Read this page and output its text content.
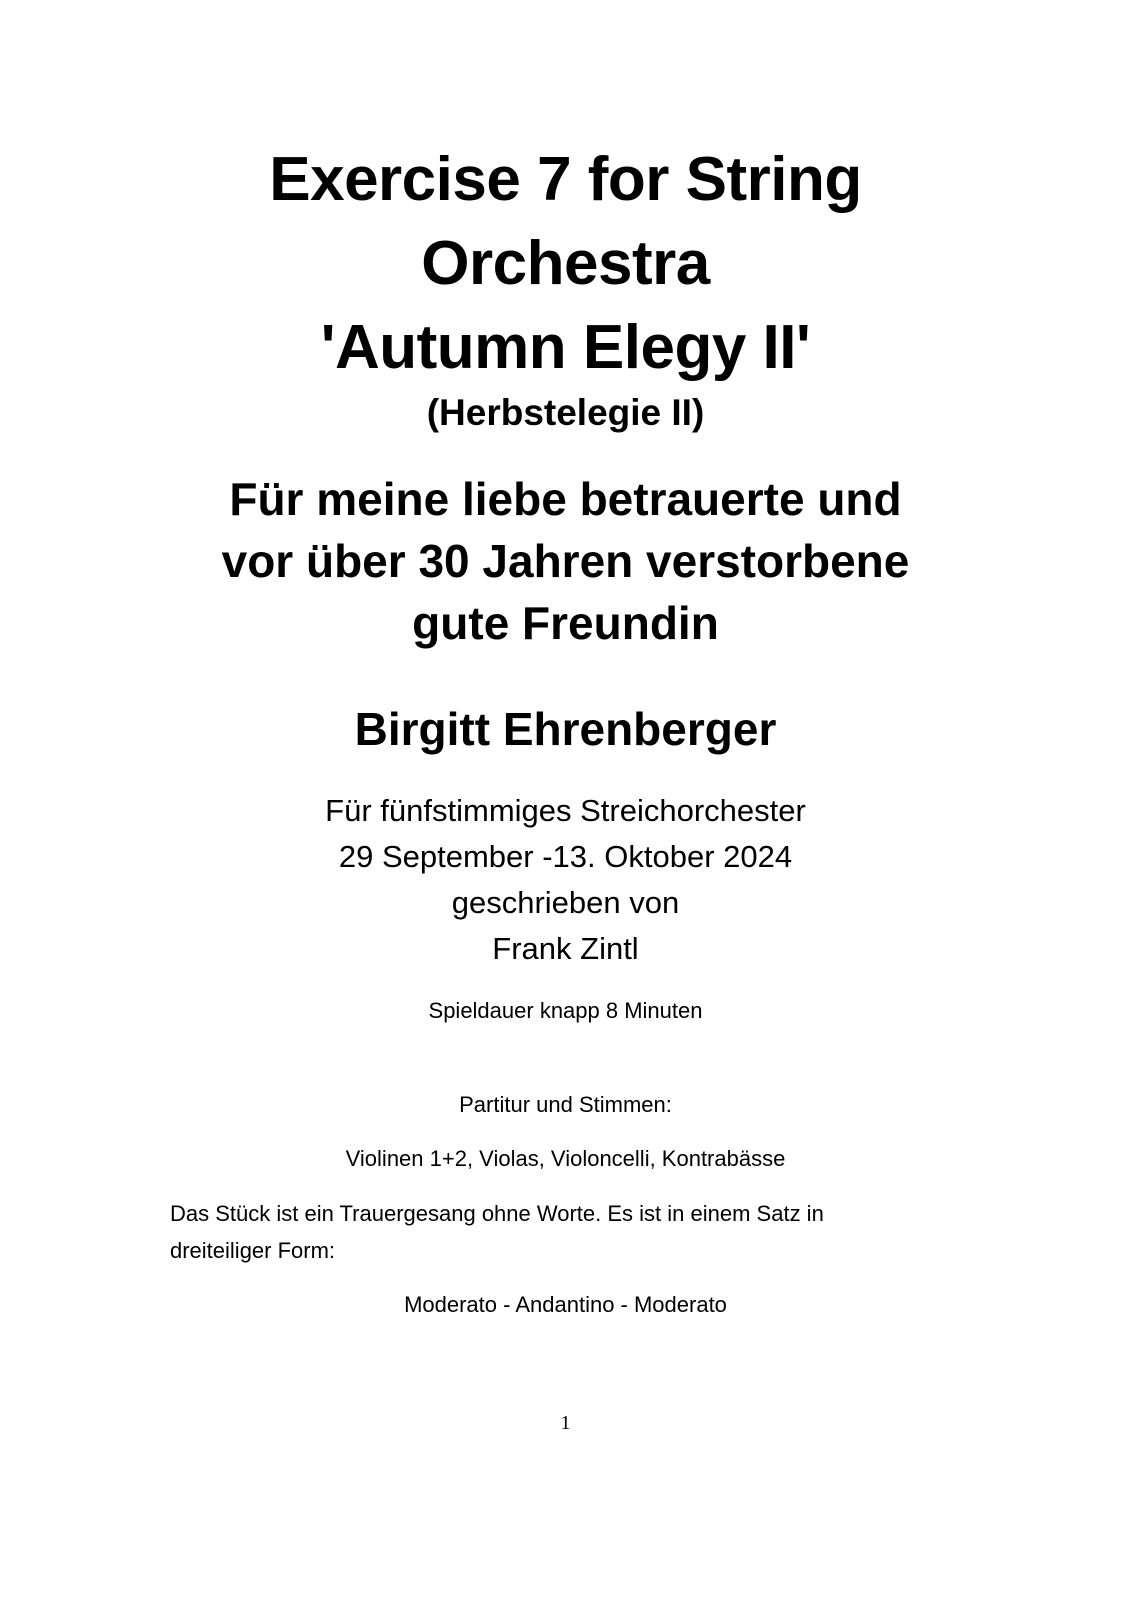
Exercise 7 for String
Orchestra
'Autumn Elegy II'

(Herbstelegie II)

Für meine liebe betrauerte und
vor über 30 Jahren verstorbene
gute Freundin

Birgitt Ehrenberger

Für fünfstimmiges Streichorchester
29 September -13. Oktober 2024
geschrieben von
Frank Zintl

Spieldauer knapp 8 Minuten

Partitur und Stimmen:

Violinen 1+2, Violas, Violoncelli, Kontrabässe

Das Stück ist ein Trauergesang ohne Worte. Es ist in einem Satz in dreiteiliger Form:

Moderato - Andantino - Moderato

1
